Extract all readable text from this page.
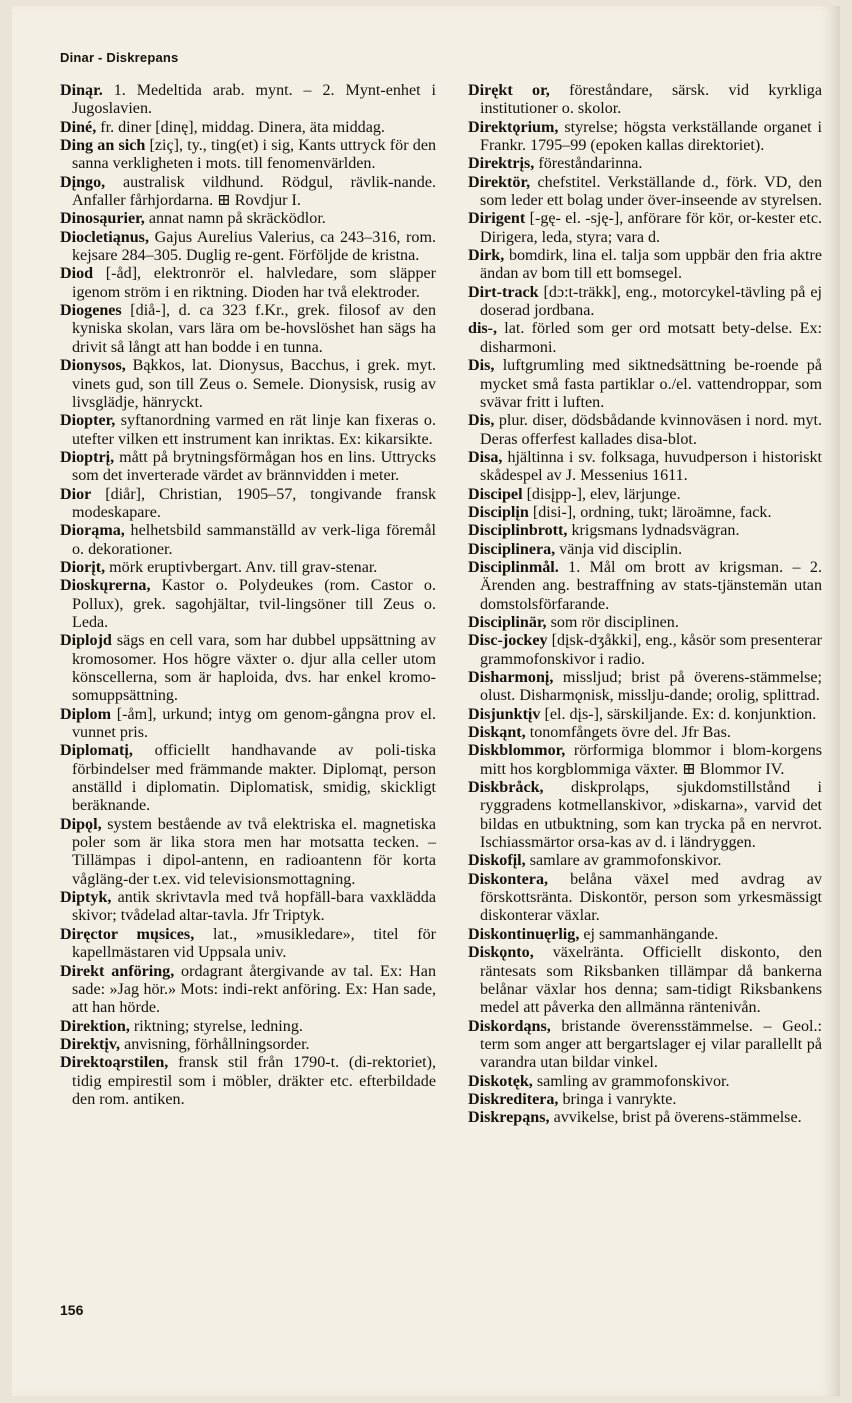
Dinar - Diskrepans

Dinąr. 1. Medeltida arab. mynt. – 2. Mynt-enhet i Jugoslavien.

Diné, fr. diner [dinę], middag. Dinera, äta middag.

Ding an sich [ziç], ty., ting(et) i sig, Kants uttryck för den sanna verkligheten i mots. till fenomenvärlden.

Dįngo, australisk vildhund. Rödgul, rävlik-nande. Anfaller fårhjordarna. ⊞ Rovdjur I.

Dinosąurier, annat namn på skräcködlor.

Diocletiąnus, Gajus Aurelius Valerius, ca 243–316, rom. kejsare 284–305. Duglig re-gent. Förföljde de kristna.

Diod [-åd], elektronrör el. halvledare, som släpper igenom ström i en riktning. Dioden har två elektroder.

Diogenes [diå-], d. ca 323 f.Kr., grek. filosof av den kyniska skolan, vars lära om be-hovslöshet han sägs ha drivit så långt att han bodde i en tunna.

Dionysos, Bąkkos, lat. Dionysus, Bacchus, i grek. myt. vinets gud, son till Zeus o. Semele. Dionysisk, rusig av livsglädje, hänryckt.

Diopter, syftanordning varmed en rät linje kan fixeras o. utefter vilken ett instrument kan inriktas. Ex: kikarsikte.

Dioptrį, mått på brytningsförmågan hos en lins. Uttrycks som det inverterade värdet av brännvidden i meter.

Dior [diår], Christian, 1905–57, tongivande fransk modeskapare.

Diorąma, helhetsbild sammanställd av verk-liga föremål o. dekorationer.

Diorįt, mörk eruptivbergart. Anv. till grav-stenar.

Dioskųrerna, Kastor o. Polydeukes (rom. Castor o. Pollux), grek. sagohjältar, tvil-lingsöner till Zeus o. Leda.

Diplojd sägs en cell vara, som har dubbel uppsättning av kromosomer. Hos högre växter o. djur alla celler utom könscellerna, som är haploida, dvs. har enkel kromo-somuppsättning.

Diplom [-åm], urkund; intyg om genom-gångna prov el. vunnet pris.

Diplomatį, officiellt handhavande av poli-tiska förbindelser med främmande makter. Diplomąt, person anställd i diplomatin. Diplomatisk, smidig, skickligt beräknande.

Dipǫl, system bestående av två elektriska el. magnetiska poler som är lika stora men har motsatta tecken. – Tillämpas i dipol-antenn, en radioantenn för korta vågläng-der t.ex. vid televisionsmottagning.

Diptyk, antik skrivtavla med två hopfäll-bara vaxklädda skivor; tvådelad altar-tavla. Jfr Triptyk.

Diręctor mųsices, lat., »musikledare», titel för kapellmästaren vid Uppsala univ.

Direkt anföring, ordagrant återgivande av tal. Ex: Han sade: »Jag hör.» Mots: indi-rekt anföring. Ex: Han sade, att han hörde.

Direktion, riktning; styrelse, ledning.

Direktįv, anvisning, förhållningsorder.

Direktoąrstilen, fransk stil från 1790-t. (di-rektoriet), tidig empirestil som i möbler, dräkter etc. efterbildade den rom. antiken.

Dirękt or, föreståndare, särsk. vid kyrkliga institutioner o. skolor.

Direktǫrium, styrelse; högsta verkställande organet i Frankr. 1795–99 (epoken kallas direktoriet).

Direktrįs, föreståndarinna.

Direktör, chefstitel. Verkställande d., förk. VD, den som leder ett bolag under över-inseende av styrelsen.

Dirigent [-gę- el. -sję-], anförare för kör, or-kester etc. Dirigera, leda, styra; vara d.

Dirk, bomdirk, lina el. talja som uppbär den fria aktre ändan av bom till ett bomsegel.

Dirt-track [dɔ:t-träkk], eng., motorcykel-tävling på ej doserad jordbana.

dis-, lat. förled som ger ord motsatt bety-delse. Ex: disharmoni.

Dis, luftgrumling med siktnedsättning be-roende på mycket små fasta partiklar o./el. vattendroppar, som svävar fritt i luften.

Dis, plur. diser, dödsbådande kvinnoväsen i nord. myt. Deras offerfest kallades disa-blot.

Disa, hjältinna i sv. folksaga, huvudperson i historiskt skådespel av J. Messenius 1611.

Discipel [disįpp-], elev, lärjunge.

Disciplįn [disi-], ordning, tukt; läroämne, fack.

Disciplinbrott, krigsmans lydnadsvägran.

Disciplinera, vänja vid disciplin.

Disciplinmål. 1. Mål om brott av krigsman. – 2. Ärenden ang. bestraffning av stats-tjänstemän utan domstolsförfarande.

Disciplinär, som rör disciplinen.

Disc-jockey [dįsk-dʒåkki], eng., kåsör som presenterar grammofonskivor i radio.

Disharmonį, missljud; brist på överens-stämmelse; olust. Disharmǫnisk, misslju-dande; orolig, splittrad.

Disjunktįv [el. dįs-], särskiljande. Ex: d. konjunktion.

Diskąnt, tonomfångets övre del. Jfr Bas.

Diskblommor, rörformiga blommor i blom-korgens mitt hos korgblommiga växter. ⊞ Blommor IV.

Diskbråck, diskproląps, sjukdomstillstånd i ryggradens kotmellanskivor, »diskarna», varvid det bildas en utbuktning, som kan trycka på en nervrot. Ischiassmärtor orsa-kas av d. i ländryggen.

Diskofįl, samlare av grammofonskivor.

Diskontera, belåna växel med avdrag av förskottsränta. Diskontör, person som yrkesmässigt diskonterar växlar.

Diskontinuęrlig, ej sammanhängande.

Diskǫnto, växelränta. Officiellt diskonto, den räntesats som Riksbanken tillämpar då bankerna belånar växlar hos denna; sam-tidigt Riksbankens medel att påverka den allmänna räntenivån.

Diskordąns, bristande överensstämmelse. – Geol.: term som anger att bergartslager ej vilar parallellt på varandra utan bildar vinkel.

Diskotęk, samling av grammofonskivor.

Diskreditera, bringa i vanrykte.

Diskrepąns, avvikelse, brist på överens-stämmelse.

156
